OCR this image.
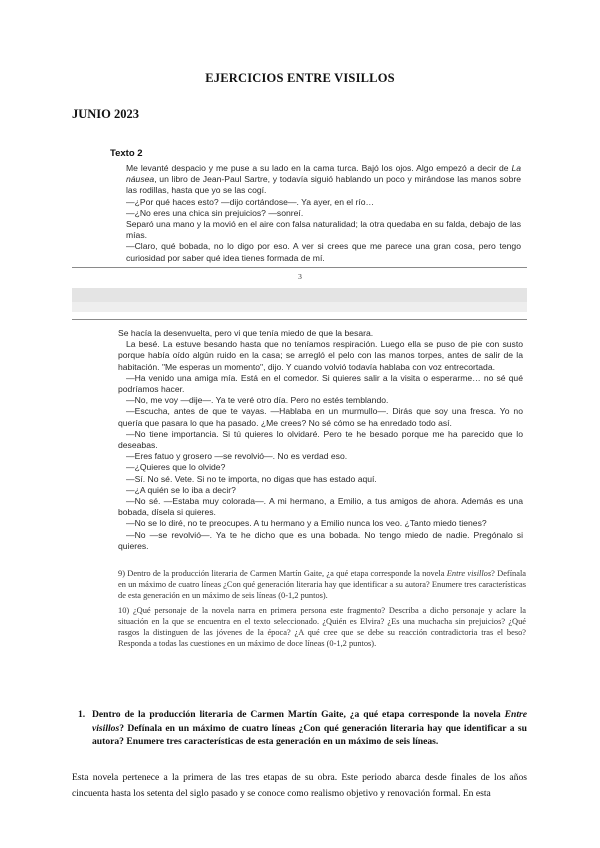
EJERCICIOS ENTRE VISILLOS
JUNIO 2023
Texto 2

Me levanté despacio y me puse a su lado en la cama turca. Bajó los ojos. Algo empezó a decir de La náusea, un libro de Jean-Paul Sartre, y todavía siguió hablando un poco y mirándose las manos sobre las rodillas, hasta que yo se las cogí.

—¿Por qué haces esto? —dijo cortándose—. Ya ayer, en el río…

—¿No eres una chica sin prejuicios? —sonreí.

Separó una mano y la movió en el aire con falsa naturalidad; la otra quedaba en su falda, debajo de las mías.

—Claro, qué bobada, no lo digo por eso. A ver si crees que me parece una gran cosa, pero tengo curiosidad por saber qué idea tienes formada de mí.

3

Se hacía la desenvuelta, pero vi que tenía miedo de que la besara.

La besé. La estuve besando hasta que no teníamos respiración. Luego ella se puso de pie con susto porque había oído algún ruido en la casa; se arregló el pelo con las manos torpes, antes de salir de la habitación. "Me esperas un momento", dijo. Y cuando volvió todavía hablaba con voz entrecortada.

—Ha venido una amiga mía. Está en el comedor. Si quieres salir a la visita o esperarme… no sé qué podríamos hacer.

—No, me voy —dije—. Ya te veré otro día. Pero no estés temblando.

—Escucha, antes de que te vayas. —Hablaba en un murmullo—. Dirás que soy una fresca. Yo no quería que pasara lo que ha pasado. ¿Me crees? No sé cómo se ha enredado todo así.

—No tiene importancia. Si tú quieres lo olvidaré. Pero te he besado porque me ha parecido que lo deseabas.

—Eres fatuo y grosero —se revolvió—. No es verdad eso.

—¿Quieres que lo olvide?

—Sí. No sé. Vete. Si no te importa, no digas que has estado aquí.

—¿A quién se lo iba a decir?

—No sé. —Estaba muy colorada—. A mi hermano, a Emilio, a tus amigos de ahora. Además es una bobada, dísela si quieres.

—No se lo diré, no te preocupes. A tu hermano y a Emilio nunca los veo. ¿Tanto miedo tienes?

—No —se revolvió—. Ya te he dicho que es una bobada. No tengo miedo de nadie. Pregónalo si quieres.

9) Dentro de la producción literaria de Carmen Martín Gaite, ¿a qué etapa corresponde la novela Entre visillos? Defínala en un máximo de cuatro líneas ¿Con qué generación literaria hay que identificar a su autora? Enumere tres características de esta generación en un máximo de seis líneas (0-1,2 puntos).
10) ¿Qué personaje de la novela narra en primera persona este fragmento? Describa a dicho personaje y aclare la situación en la que se encuentra en el texto seleccionado. ¿Quién es Elvira? ¿Es una muchacha sin prejuicios? ¿Qué rasgos la distinguen de las jóvenes de la época? ¿A qué cree que se debe su reacción contradictoria tras el beso? Responda a todas las cuestiones en un máximo de doce líneas (0-1,2 puntos).
1. Dentro de la producción literaria de Carmen Martín Gaite, ¿a qué etapa corresponde la novela Entre visillos? Defínala en un máximo de cuatro líneas ¿Con qué generación literaria hay que identificar a su autora? Enumere tres características de esta generación en un máximo de seis líneas.
Esta novela pertenece a la primera de las tres etapas de su obra. Este periodo abarca desde finales de los años cincuenta hasta los setenta del siglo pasado y se conoce como realismo objetivo y renovación formal. En esta
